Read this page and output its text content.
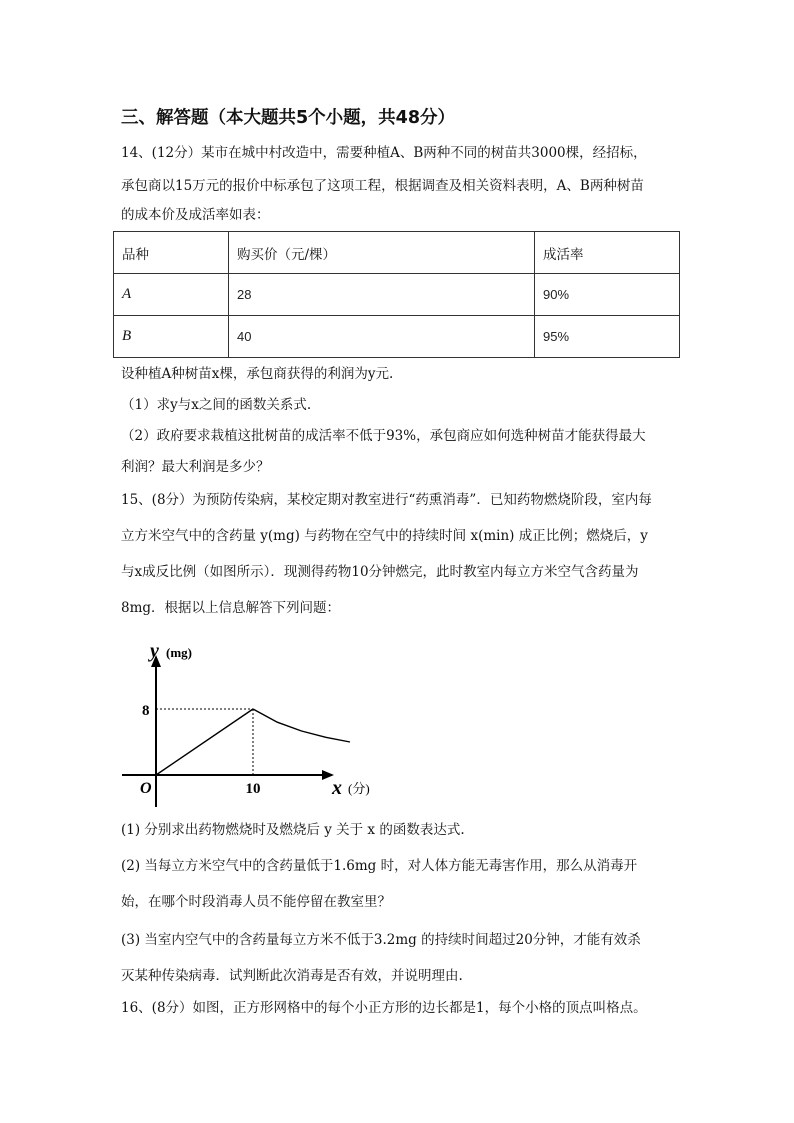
三、解答题（本大题共5个小题，共48分）
14、(12分）某市在城中村改造中，需要种植A、B两种不同的树苗共3000棵，经招标，
承包商以15万元的报价中标承包了这项工程，根据调查及相关资料表明，A、B两种树苗
的成本价及成活率如表：
品种	购买价（元/棵）	成活率
A	28	90%
B	40	95%
设种植A种树苗x棵，承包商获得的利润为y元.
（1）求y与x之间的函数关系式.
（2）政府要求栽植这批树苗的成活率不低于93%，承包商应如何选种树苗才能获得最大
利润？最大利润是多少？
15、(8分）为预防传染病，某校定期对教室进行“药熏消毒”．已知药物燃烧阶段，室内每
立方米空气中的含药量 y(mg) 与药物在空气中的持续时间 x(min) 成正比例；燃烧后，y
与x成反比例（如图所示）．现测得药物10分钟燃完，此时教室内每立方米空气含药量为
8mg．根据以上信息解答下列问题：
y (mg)
x (分)
O
8
10
(1) 分别求出药物燃烧时及燃烧后 y 关于 x 的函数表达式.
(2) 当每立方米空气中的含药量低于1.6mg 时，对人体方能无毒害作用，那么从消毒开
始，在哪个时段消毒人员不能停留在教室里？
(3) 当室内空气中的含药量每立方米不低于3.2mg 的持续时间超过20分钟，才能有效杀
灭某种传染病毒．试判断此次消毒是否有效，并说明理由.
16、(8分）如图，正方形网格中的每个小正方形的边长都是1，每个小格的顶点叫格点。
